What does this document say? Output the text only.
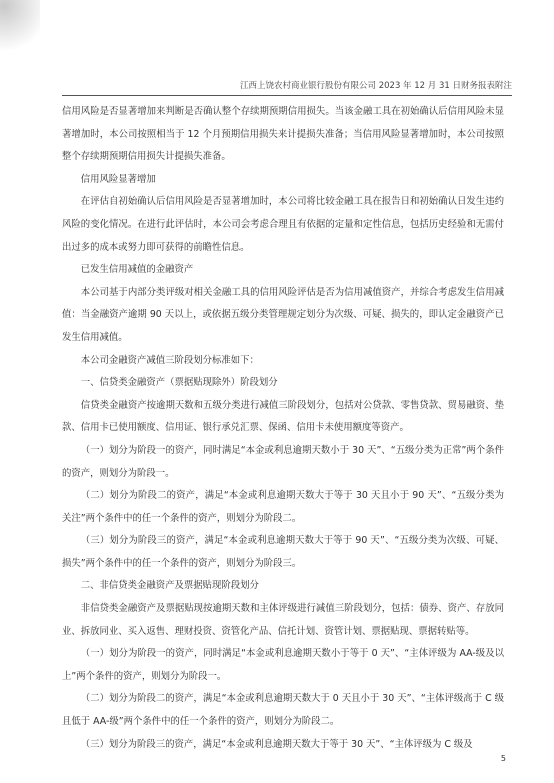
江西上饶农村商业银行股份有限公司 2023 年 12 月 31 日财务报表附注

信用风险是否显著增加来判断是否确认整个存续期预期信用损失。当该金融工具在初始确认后信用风险未显著增加时，本公司按照相当于 12 个月预期信用损失来计提损失准备；当信用风险显著增加时，本公司按照整个存续期预期信用损失计提损失准备。

信用风险显著增加

在评估自初始确认后信用风险是否显著增加时，本公司将比较金融工具在报告日和初始确认日发生违约风险的变化情况。在进行此评估时，本公司会考虑合理且有依据的定量和定性信息，包括历史经验和无需付出过多的成本或努力即可获得的前瞻性信息。

已发生信用减值的金融资产

本公司基于内部分类评级对相关金融工具的信用风险评估是否为信用减值资产，并综合考虑发生信用减值：当金融资产逾期 90 天以上，或依据五级分类管理规定划分为次级、可疑、损失的，即认定金融资产已发生信用减值。

本公司金融资产减值三阶段划分标准如下：

一、信贷类金融资产（票据贴现除外）阶段划分

信贷类金融资产按逾期天数和五级分类进行减值三阶段划分，包括对公贷款、零售贷款、贸易融资、垫款、信用卡已使用额度、信用证、银行承兑汇票、保函、信用卡未使用额度等资产。

（一）划分为阶段一的资产，同时满足“本金或利息逾期天数小于 30 天”、“五级分类为正常”两个条件的资产，则划分为阶段一。

（二）划分为阶段二的资产，满足“本金或利息逾期天数大于等于 30 天且小于 90 天”、“五级分类为关注”两个条件中的任一个条件的资产，则划分为阶段二。

（三）划分为阶段三的资产，满足“本金或利息逾期天数大于等于 90 天”、“五级分类为次级、可疑、损失”两个条件中的任一个条件的资产，则划分为阶段三。

二、非信贷类金融资产及票据贴现阶段划分

非信贷类金融资产及票据贴现按逾期天数和主体评级进行减值三阶段划分，包括：债券、资产、存放同业、拆放同业、买入返售、理财投资、资管化产品、信托计划、资管计划、票据贴现、票据转贴等。

（一）划分为阶段一的资产，同时满足“本金或利息逾期天数小于等于 0 天”、“主体评级为 AA-级及以上”两个条件的资产，则划分为阶段一。

（二）划分为阶段二的资产，满足“本金或利息逾期天数大于 0 天且小于 30 天”、“主体评级高于 C 级且低于 AA-级”两个条件中的任一个条件的资产，则划分为阶段二。

（三）划分为阶段三的资产，满足“本金或利息逾期天数大于等于 30 天”、“主体评级为 C 级及

5
